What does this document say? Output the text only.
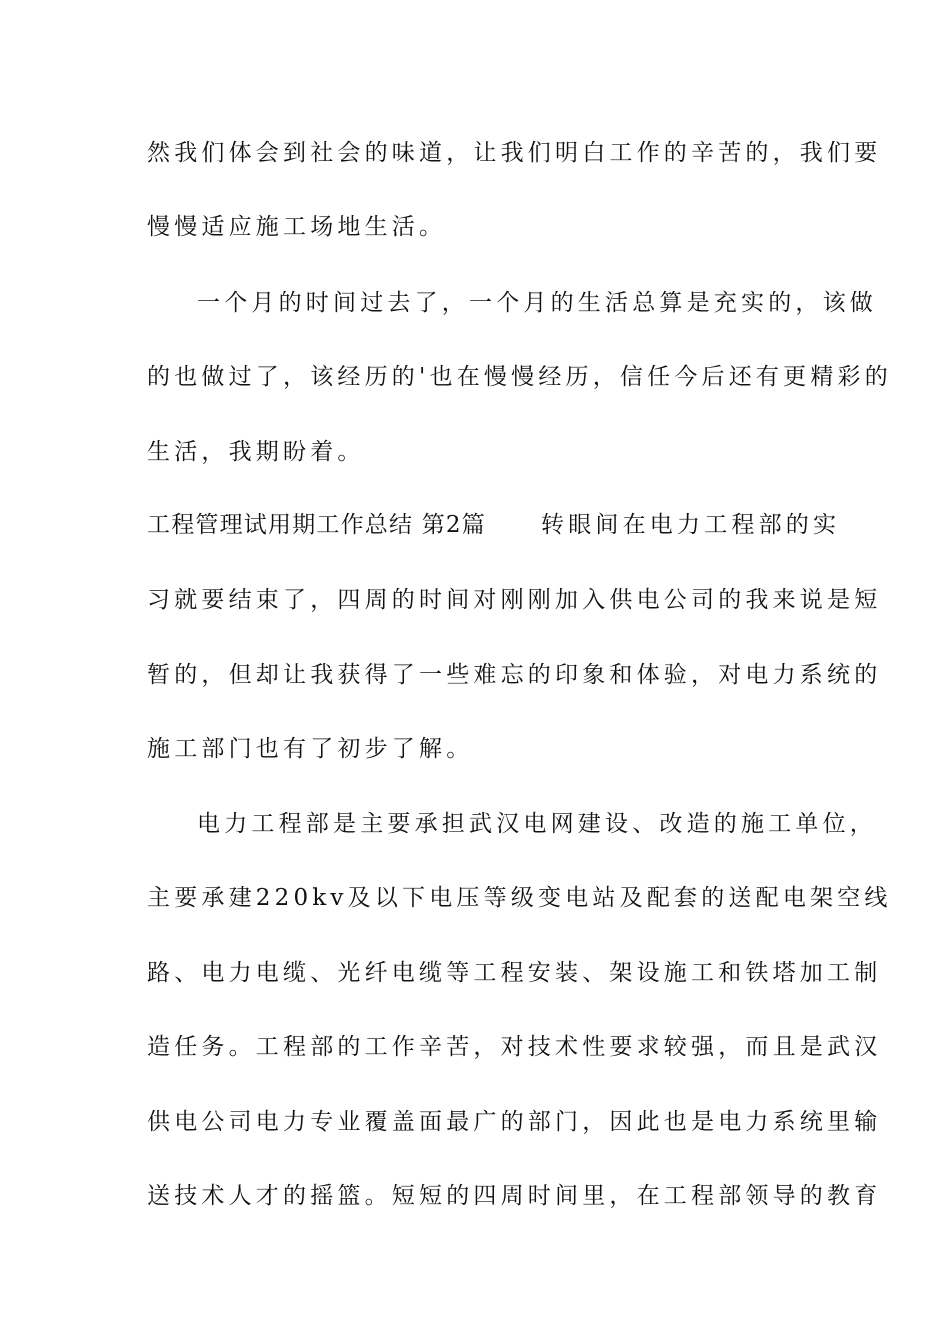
然我们体会到社会的味道，让我们明白工作的辛苦的，我们要
慢慢适应施工场地生活。
一个月的时间过去了，一个月的生活总算是充实的，该做
的也做过了，该经历的'也在慢慢经历，信任今后还有更精彩的
生活，我期盼着。
工程管理试用期工作总结 第2篇 转眼间在电力工程部的实
习就要结束了，四周的时间对刚刚加入供电公司的我来说是短
暂的，但却让我获得了一些难忘的印象和体验，对电力系统的
施工部门也有了初步了解。
电力工程部是主要承担武汉电网建设、改造的施工单位，
主要承建220kv及以下电压等级变电站及配套的送配电架空线
路、电力电缆、光纤电缆等工程安装、架设施工和铁塔加工制
造任务。工程部的工作辛苦，对技术性要求较强，而且是武汉
供电公司电力专业覆盖面最广的部门，因此也是电力系统里输
送技术人才的摇篮。短短的四周时间里，在工程部领导的教育
